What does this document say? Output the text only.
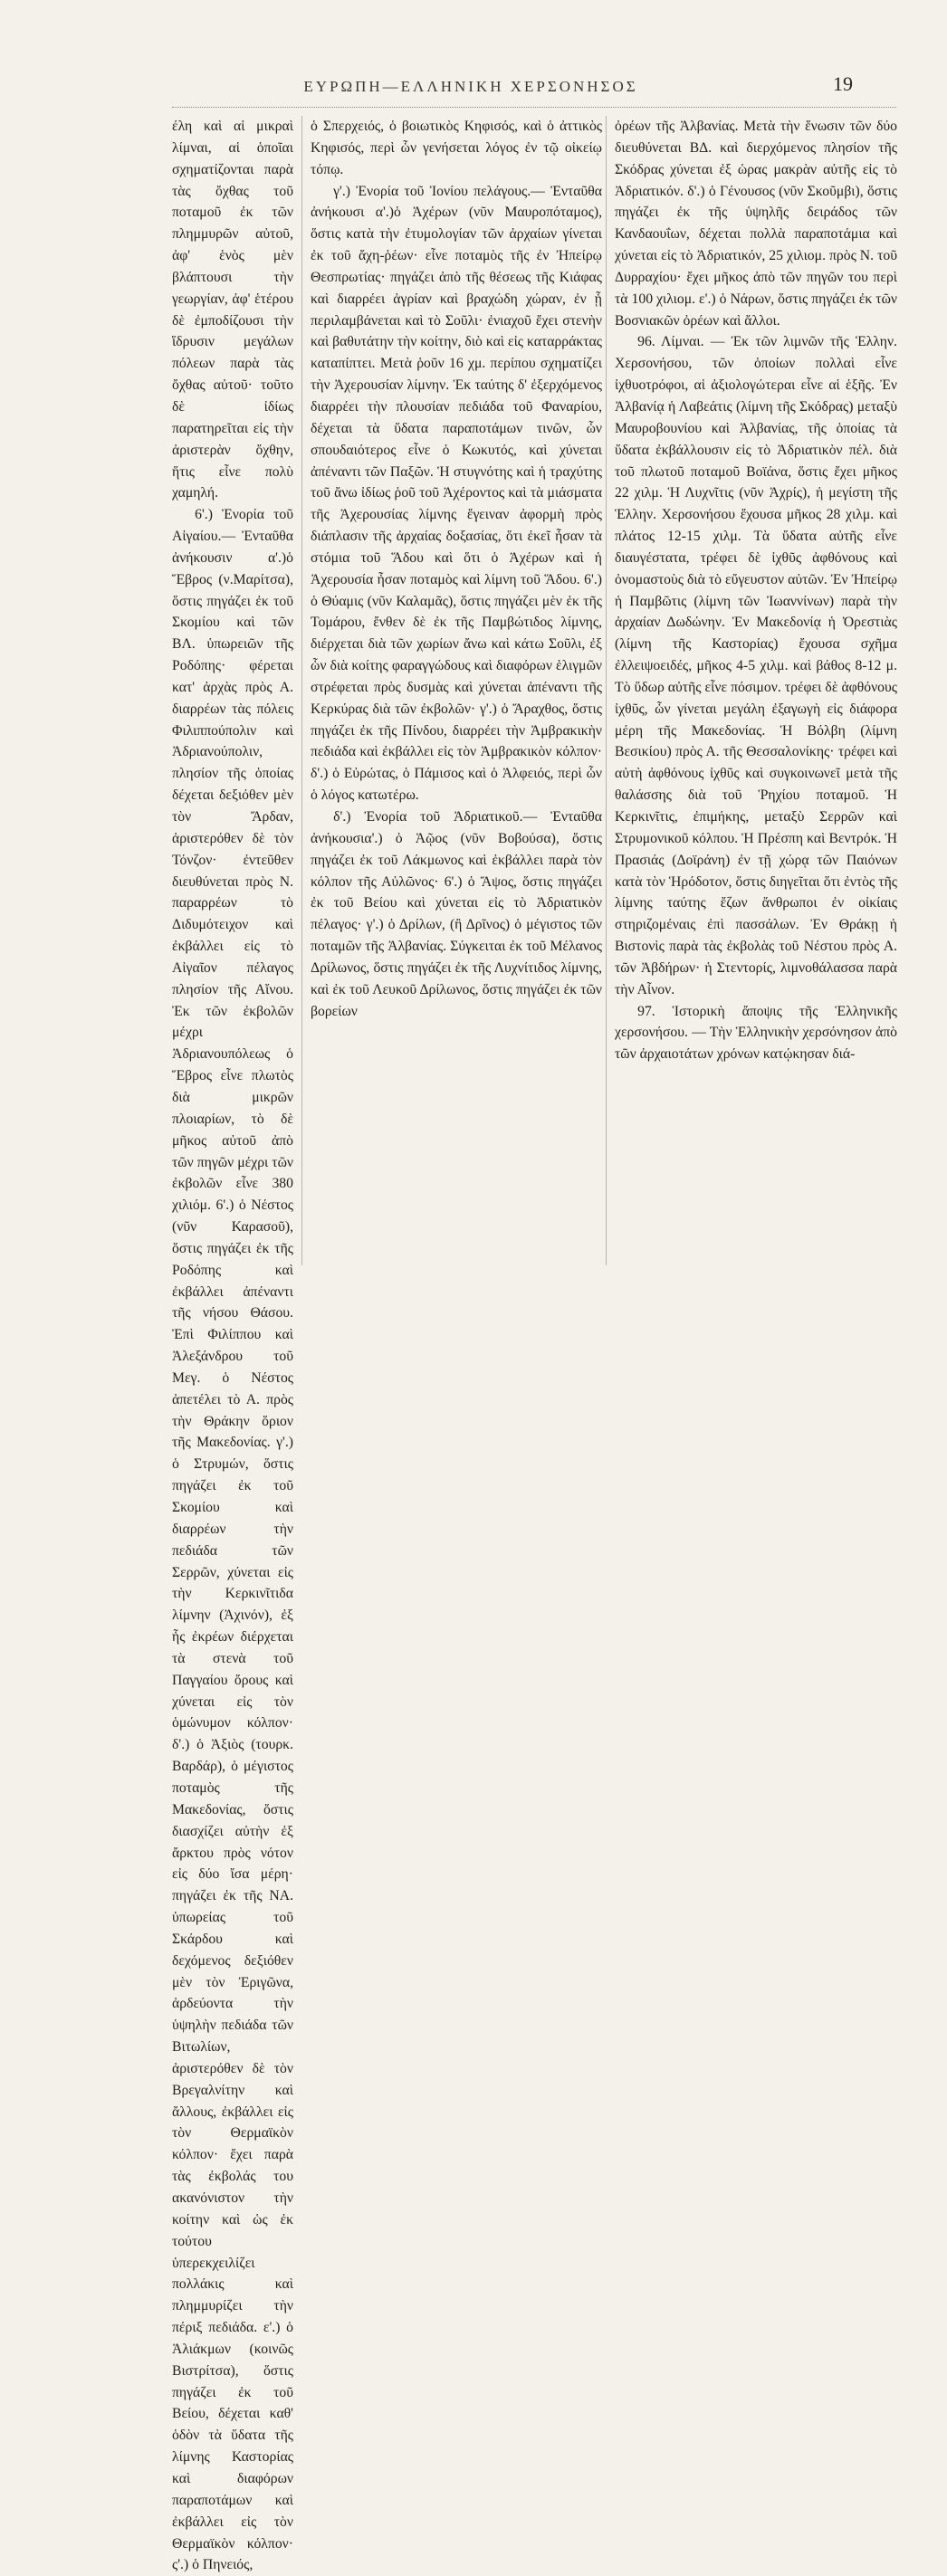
ΕΥΡΩΠΗ—ΕΛΛΗΝΙΚΗ ΧΕΡΣΟΝΗΣΟΣ	19

έλη καὶ αἱ μικραὶ λίμναι, αἱ ὁποῖαι σχηματίζονται παρὰ τὰς ὄχθας τοῦ ποταμοῦ ἐκ τῶν πλημμυρῶν αὐτοῦ, ἀφ' ἑνὸς μὲν βλάπτουσι τὴν γεωργίαν, ἀφ' ἑτέρου δὲ ἐμποδίζουσι τὴν ἵδρυσιν μεγάλων πόλεων παρὰ τὰς ὄχθας αὐτοῦ· τοῦτο δὲ ἰδίως παρατηρεῖται εἰς τὴν ἀριστερὰν ὄχθην, ἥτις εἶνε πολὺ χαμηλή.

6'.) Ἐνορία τοῦ Αἰγαίου.— Ἐνταῦθα ἀνήκουσιν α'.)ὁ Ἕβρος (ν.Μαρίτσα), ὅστις πηγάζει ἐκ τοῦ Σκομίου καὶ τῶν ΒΛ. ὑπωρειῶν τῆς Ροδόπης· φέρεται κατ' ἀρχὰς πρὸς Α. διαρρέων τὰς πόλεις Φιλιππούπολιν καὶ Ἀδριανούπολιν, πλησίον τῆς ὁποίας δέχεται δεξιόθεν μὲν τὸν Ἄρδαν, ἀριστερόθεν δὲ τὸν Τόνζον· ἐντεῦθεν διευθύνεται πρὸς Ν. παραρρέων τὸ Διδυμότειχον καὶ ἐκβάλλει εἰς τὸ Αἰγαῖον πέλαγος πλησίον τῆς Αἴνου. Ἐκ τῶν ἐκβολῶν μέχρι Ἀδριανουπόλεως ὁ Ἕβρος εἶνε πλωτὸς διὰ μικρῶν πλοιαρίων, τὸ δὲ μῆκος αὐτοῦ ἀπὸ τῶν πηγῶν μέχρι τῶν ἐκβολῶν εἶνε 380 χιλιόμ. 6'.) ὁ Νέστος (νῦν Καρασοῦ), ὅστις πηγάζει ἐκ τῆς Ροδόπης καὶ ἐκβάλλει ἀπέναντι τῆς νήσου Θάσου. Ἐπὶ Φιλίππου καὶ Ἀλεξάνδρου τοῦ Μεγ. ὁ Νέστος ἀπετέλει τὸ Α. πρὸς τὴν Θράκην ὅριον τῆς Μακεδονίας. γ'.) ὁ Στρυμών, ὅστις πηγάζει ἐκ τοῦ Σκομίου καὶ διαρρέων τὴν πεδιάδα τῶν Σερρῶν, χύνεται εἰς τὴν Κερκινῖτιδα λίμνην (Ἀχινόν), ἐξ ἧς ἐκρέων διέρχεται τὰ στενὰ τοῦ Παγγαίου ὄρους καὶ χύνεται εἰς τὸν ὁμώνυμον κόλπον· δ'.) ὁ Ἀξιὸς (τουρκ. Βαρδάρ), ὁ μέγιστος ποταμὸς τῆς Μακεδονίας, ὅστις διασχίζει αὐτὴν ἐξ ἄρκτου πρὸς νότον εἰς δύο ἴσα μέρη· πηγάζει ἐκ τῆς ΝΑ. ὑπωρείας τοῦ Σκάρδου καὶ δεχόμενος δεξιόθεν μὲν τὸν Ἐριγῶνα, ἀρδεύοντα τὴν ὑψηλὴν πεδιάδα τῶν Βιτωλίων, ἀριστερόθεν δὲ τὸν Βρεγαλνίτην καὶ ἄλλους, ἐκβάλλει εἰς τὸν Θερμαϊκὸν κόλπον· ἔχει παρὰ τὰς ἐκβολάς του ακανόνιστον τὴν κοίτην καὶ ὡς ἐκ τούτου ὑπερεκχειλίζει πολλάκις καὶ πλημμυρίζει τὴν πέριξ πεδιάδα. ε'.) ὁ Ἁλιάκμων (κοινῶς Βιστρίτσα), ὅστις πηγάζει ἐκ τοῦ Βείου, δέχεται καθ' ὁδὸν τὰ ὕδατα τῆς λίμνης Καστορίας καὶ διαφόρων παραποτάμων καὶ ἐκβάλλει εἰς τὸν Θερμαϊκὸν κόλπον· ς'.) ὁ Πηνειός,

ὁ Σπερχειός, ὁ βοιωτικὸς Κηφισός, καὶ ὁ ἀττικὸς Κηφισός, περὶ ὧν γενήσεται λόγος ἐν τῷ οἰκείῳ τόπῳ.

γ'.) Ἐνορία τοῦ Ἰονίου πελάγους.— Ἐνταῦθα ἀνήκουσι α'.)ὁ Ἀχέρων (νῦν Μαυροπόταμος), ὅστις κατὰ τὴν ἐτυμολογίαν τῶν ἀρχαίων γίνεται ἐκ τοῦ ἄχη-ῥέων· εἶνε ποταμὸς τῆς ἐν Ἠπείρῳ Θεσπρωτίας· πηγάζει ἀπὸ τῆς θέσεως τῆς Κιάφας καὶ διαρρέει ἀγρίαν καὶ βραχώδη χώραν, ἐν ᾗ περιλαμβάνεται καὶ τὸ Σοῦλι· ἐνιαχοῦ ἔχει στενὴν καὶ βαθυτάτην τὴν κοίτην, διὸ καὶ εἰς καταρράκτας καταπίπτει. Μετὰ ῥοῦν 16 χμ. περίπου σχηματίζει τὴν Ἀχερουσίαν λίμνην. Ἐκ ταύτης δ' ἐξερχόμενος διαρρέει τὴν πλουσίαν πεδιάδα τοῦ Φαναρίου, δέχεται τὰ ὕδατα παραποτάμων τινῶν, ὧν σπουδαιότερος εἶνε ὁ Κωκυτός, καὶ χύνεται ἀπέναντι τῶν Παξῶν. Ἡ στυγνότης καὶ ἡ τραχύτης τοῦ ἄνω ἰδίως ῥοῦ τοῦ Ἀχέροντος καὶ τὰ μιάσματα τῆς Ἀχερουσίας λίμνης ἔγειναν ἀφορμὴ πρὸς διάπλασιν τῆς ἀρχαίας δοξασίας, ὅτι ἐκεῖ ἦσαν τὰ στόμια τοῦ Ἅδου καὶ ὅτι ὁ Ἀχέρων καὶ ἡ Ἀχερουσία ἦσαν ποταμὸς καὶ λίμνη τοῦ Ἅδου. 6'.) ὁ Θύαμις (νῦν Καλαμᾶς), ὅστις πηγάζει μὲν ἐκ τῆς Τομάρου, ἔνθεν δὲ ἐκ τῆς Παμβώτιδος λίμνης, διέρχεται διὰ τῶν χωρίων ἄνω καὶ κάτω Σοῦλι, ἐξ ὧν διὰ κοίτης φαραγγώδους καὶ διαφόρων ἑλιγμῶν στρέφεται πρὸς δυσμὰς καὶ χύνεται ἀπέναντι τῆς Κερκύρας διὰ τῶν ἐκβολῶν· γ'.) ὁ Ἄραχθος, ὅστις πηγάζει ἐκ τῆς Πίνδου, διαρρέει τὴν Ἀμβρακικὴν πεδιάδα καὶ ἐκβάλλει εἰς τὸν Ἀμβρακικὸν κόλπον· δ'.) ὁ Εὐρώτας, ὁ Πάμισος καὶ ὁ Ἀλφειός, περὶ ὧν ὁ λόγος κατωτέρω.

δ'.) Ἐνορία τοῦ Ἀδριατικοῦ.— Ἐνταῦθα ἀνήκουσια'.) ὁ Ἀῷος (νῦν Βοβούσα), ὅστις πηγάζει ἐκ τοῦ Λάκμωνος καὶ ἐκβάλλει παρὰ τὸν κόλπον τῆς Αὐλῶνος· 6'.) ὁ Ἄψος, ὅστις πηγάζει ἐκ τοῦ Βείου καὶ χύνεται εἰς τὸ Ἀδριατικὸν πέλαγος· γ'.) ὁ Δρίλων, (ἢ Δρῖνος) ὁ μέγιστος τῶν ποταμῶν τῆς Ἀλβανίας. Σύγκειται ἐκ τοῦ Μέλανος Δρίλωνος, ὅστις πηγάζει ἐκ τῆς Λυχνίτιδος λίμνης, καὶ ἐκ τοῦ Λευκοῦ Δρίλωνος, ὅστις πηγάζει ἐκ τῶν βορείων

ὀρέων τῆς Ἀλβανίας. Μετὰ τὴν ἕνωσιν τῶν δύο διευθύνεται ΒΔ. καὶ διερχόμενος πλησίον τῆς Σκόδρας χύνεται ἐξ ὡρας μακρὰν αὐτῆς εἰς τὸ Ἀδριατικόν. δ'.) ὁ Γένουσος (νῦν Σκοῦμβι), ὅστις πηγάζει ἐκ τῆς ὑψηλῆς δειράδος τῶν Κανδαουΐων, δέχεται πολλὰ παραποτάμια καὶ χύνεται εἰς τὸ Ἀδριατικόν, 25 χιλιομ. πρὸς Ν. τοῦ Δυρραχίου· ἔχει μῆκος ἀπὸ τῶν πηγῶν του περὶ τὰ 100 χιλιομ. ε'.) ὁ Νάρων, ὅστις πηγάζει ἐκ τῶν Βοσνιακῶν ὀρέων καὶ ἄλλοι.

96. Λίμναι. — Ἐκ τῶν λιμνῶν τῆς Ἑλλην. Χερσονήσου, τῶν ὁποίων πολλαὶ εἶνε ἰχθυοτρόφοι, αἱ ἀξιολογώτεραι εἶνε αἱ ἑξῆς. Ἐν Ἀλβανίᾳ ἡ Λαβεάτις (λίμνη τῆς Σκόδρας) μεταξὺ Μαυροβουνίου καὶ Ἀλβανίας, τῆς ὁποίας τὰ ὕδατα ἐκβάλλουσιν εἰς τὸ Ἀδριατικὸν πέλ. διὰ τοῦ πλωτοῦ ποταμοῦ Βοϊάνα, ὅστις ἔχει μῆκος 22 χιλμ. Ἡ Λυχνῖτις (νῦν Ἀχρίς), ἡ μεγίστη τῆς Ἑλλην. Χερσονήσου ἔχουσα μῆκος 28 χιλμ. καὶ πλάτος 12-15 χιλμ. Τὰ ὕδατα αὐτῆς εἶνε διαυγέστατα, τρέφει δὲ ἰχθῦς ἀφθόνους καὶ ὀνομαστοὺς διὰ τὸ εὔγευστον αὐτῶν. Ἐν Ἠπείρῳ ἡ Παμβῶτις (λίμνη τῶν Ἰωαννίνων) παρὰ τὴν ἀρχαίαν Δωδώνην. Ἐν Μακεδονίᾳ ἡ Ὀρεστιὰς (λίμνη τῆς Καστορίας) ἔχουσα σχῆμα ἐλλειψοειδές, μῆκος 4-5 χιλμ. καὶ βάθος 8-12 μ. Τὸ ὕδωρ αὐτῆς εἶνε πόσιμον. τρέφει δὲ ἀφθόνους ἰχθῦς, ὧν γίνεται μεγάλη ἐξαγωγὴ εἰς διάφορα μέρη τῆς Μακεδονίας. Ἡ Βόλβη (λίμνη Βεσικίου) πρὸς Α. τῆς Θεσσαλονίκης· τρέφει καὶ αὐτὴ ἀφθόνους ἰχθῦς καὶ συγκοινωνεῖ μετὰ τῆς θαλάσσης διὰ τοῦ Ῥηχίου ποταμοῦ. Ἡ Κερκινῖτις, ἐπιμήκης, μεταξὺ Σερρῶν καὶ Στρυμονικοῦ κόλπου. Ἡ Πρέσπη καὶ Βεντρόκ. Ἡ Πρασιάς (Δοϊράνη) ἐν τῇ χώρᾳ τῶν Παιόνων κατὰ τὸν Ἡρόδοτον, ὅστις διηγεῖται ὅτι ἐντὸς τῆς λίμνης ταύτης ἔζων ἄνθρωποι ἐν οἰκίαις στηριζομέναις ἐπὶ πασσάλων. Ἐν Θράκῃ ἡ Βιστονὶς παρὰ τὰς ἐκβολὰς τοῦ Νέστου πρὸς Α. τῶν Ἀβδήρων· ἡ Στεντορίς, λιμνοθάλασσα παρὰ τὴν Αἶνον.

97. Ἱστορικὴ ἄποψις τῆς Ἑλληνικῆς χερσονήσου. — Τὴν Ἑλληνικὴν χερσόνησον ἀπὸ τῶν ἀρχαιοτάτων χρόνων κατῴκησαν διά-
